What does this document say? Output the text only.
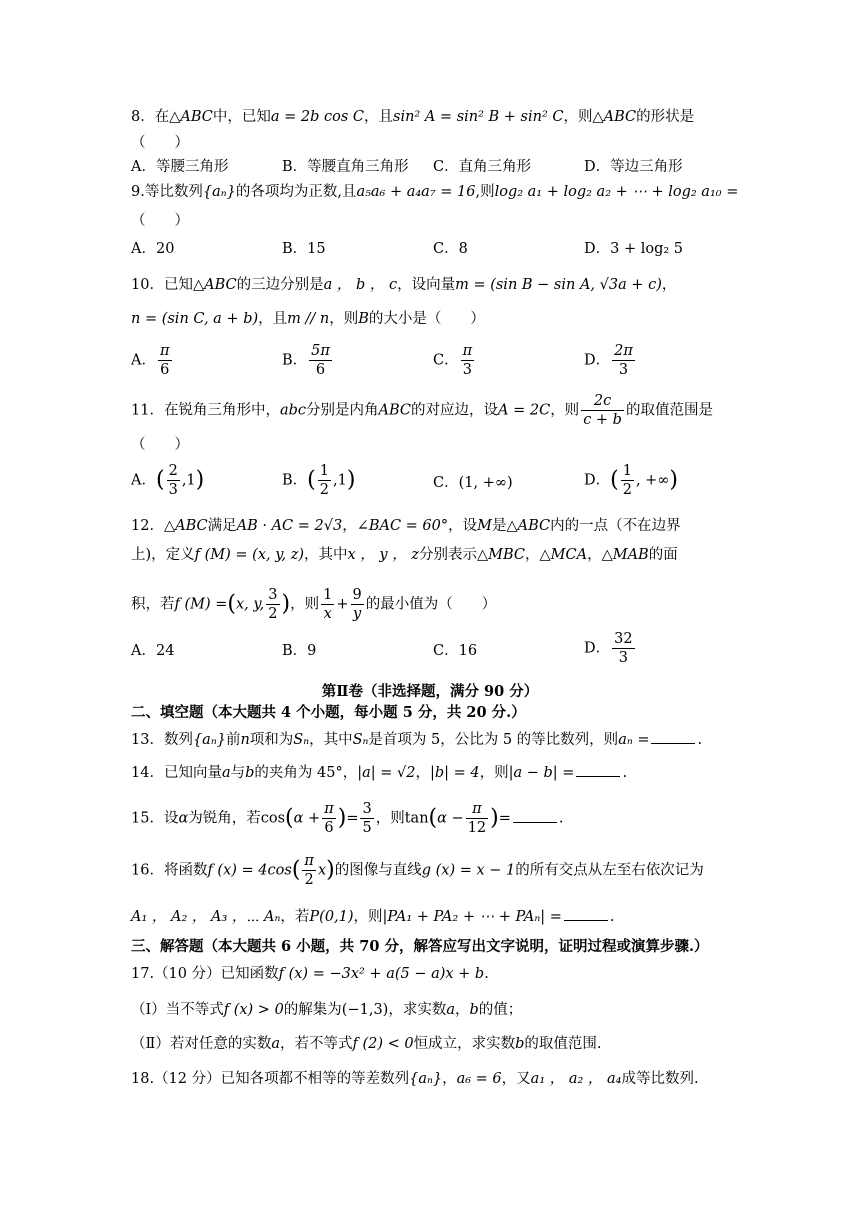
8．在△ABC中，已知a = 2b cos C，且sin² A = sin² B + sin² C，则△ABC的形状是
（　　）
A．等腰三角形	B．等腰直角三角形 C．直角三角形	D．等边三角形
9.等比数列{aₙ}的各项均为正数,且a₅a₆ + a₄a₇ = 16,则log₂ a₁ + log₂ a₂ + ⋯ + log₂ a₁₀ =
（　　）
A．20	B．15	C．8	D．3 + log₂ 5
10．已知△ABC的三边分别是a ， b ， c，设向量m = (sin B − sin A, √3a + c)，
n = (sin C, a + b)，且m // n，则B的大小是（　　）
A． $\frac{\pi}{6}$	B． $\frac{5\pi}{6}$	C． $\frac{\pi}{3}$	D． $\frac{2\pi}{3}$
11．在锐角三角形中，abc分别是内角ABC的对应边，设A = 2C，则 $\frac{2c}{c + b}$ 的取值范围是
（　　）
A．( $\frac{2}{3} ,1$)	B．( $\frac{1}{2} ,1$)	C．(1, +∞)	D．( $\frac{1}{2}$ , +∞)
12．△ABC满足AB · AC = 2√3，∠BAC = 60°，设M是△ABC内的一点（不在边界
上)，定义f (M) = (x, y, z)，其中x ， y ， z分别表示△MBC，△MCA，△MAB的面
积，若f (M) =(x, y, $\frac{3}{2}$ )，则 $\frac{1}{x} + \frac{9}{y}$ 的最小值为（　　）
A．24	B．9	C．16	D． $\frac{32}{3}$
第Ⅱ卷（非选择题，满分 90 分）
二、填空题（本大题共 4 个小题，每小题 5 分，共 20 分.）
13．数列{aₙ}前n项和为Sₙ，其中Sₙ是首项为 5，公比为 5 的等比数列，则aₙ =	.
14．已知向量a与b的夹角为 45°，|a| = √2，|b| = 4，则|a − b| =	.
15．设α为锐角，若$\cos(\alpha + \frac{\pi}{6}$ )= $\frac{3}{5}$ ，则$\tan(\alpha - \frac{\pi}{12}$ )=	.
16．将函数f $(x) = 4\cos( \frac{\pi}{2} x)$的图像与直线g (x) = x − 1的所有交点从左至右依次记为
A₁ ， A₂ ， A₃ ，⋯ Aₙ，若P(0,1)，则|PA₁ + PA₂ + ⋯ + PAₙ| =	.
三、解答题（本大题共 6 小题，共 70 分，解答应写出文字说明，证明过程或演算步骤.）
17.（10 分）已知函数f (x) = −3x² + a(5 − a)x + b.
（Ⅰ）当不等式f (x) > 0的解集为(−1,3)，求实数a，b的值；
（Ⅱ）若对任意的实数a，若不等式f (2) < 0恒成立，求实数b的取值范围.
18.（12 分）已知各项都不相等的等差数列{aₙ}，a₆ = 6，又a₁ ， a₂ ， a₄成等比数列.
